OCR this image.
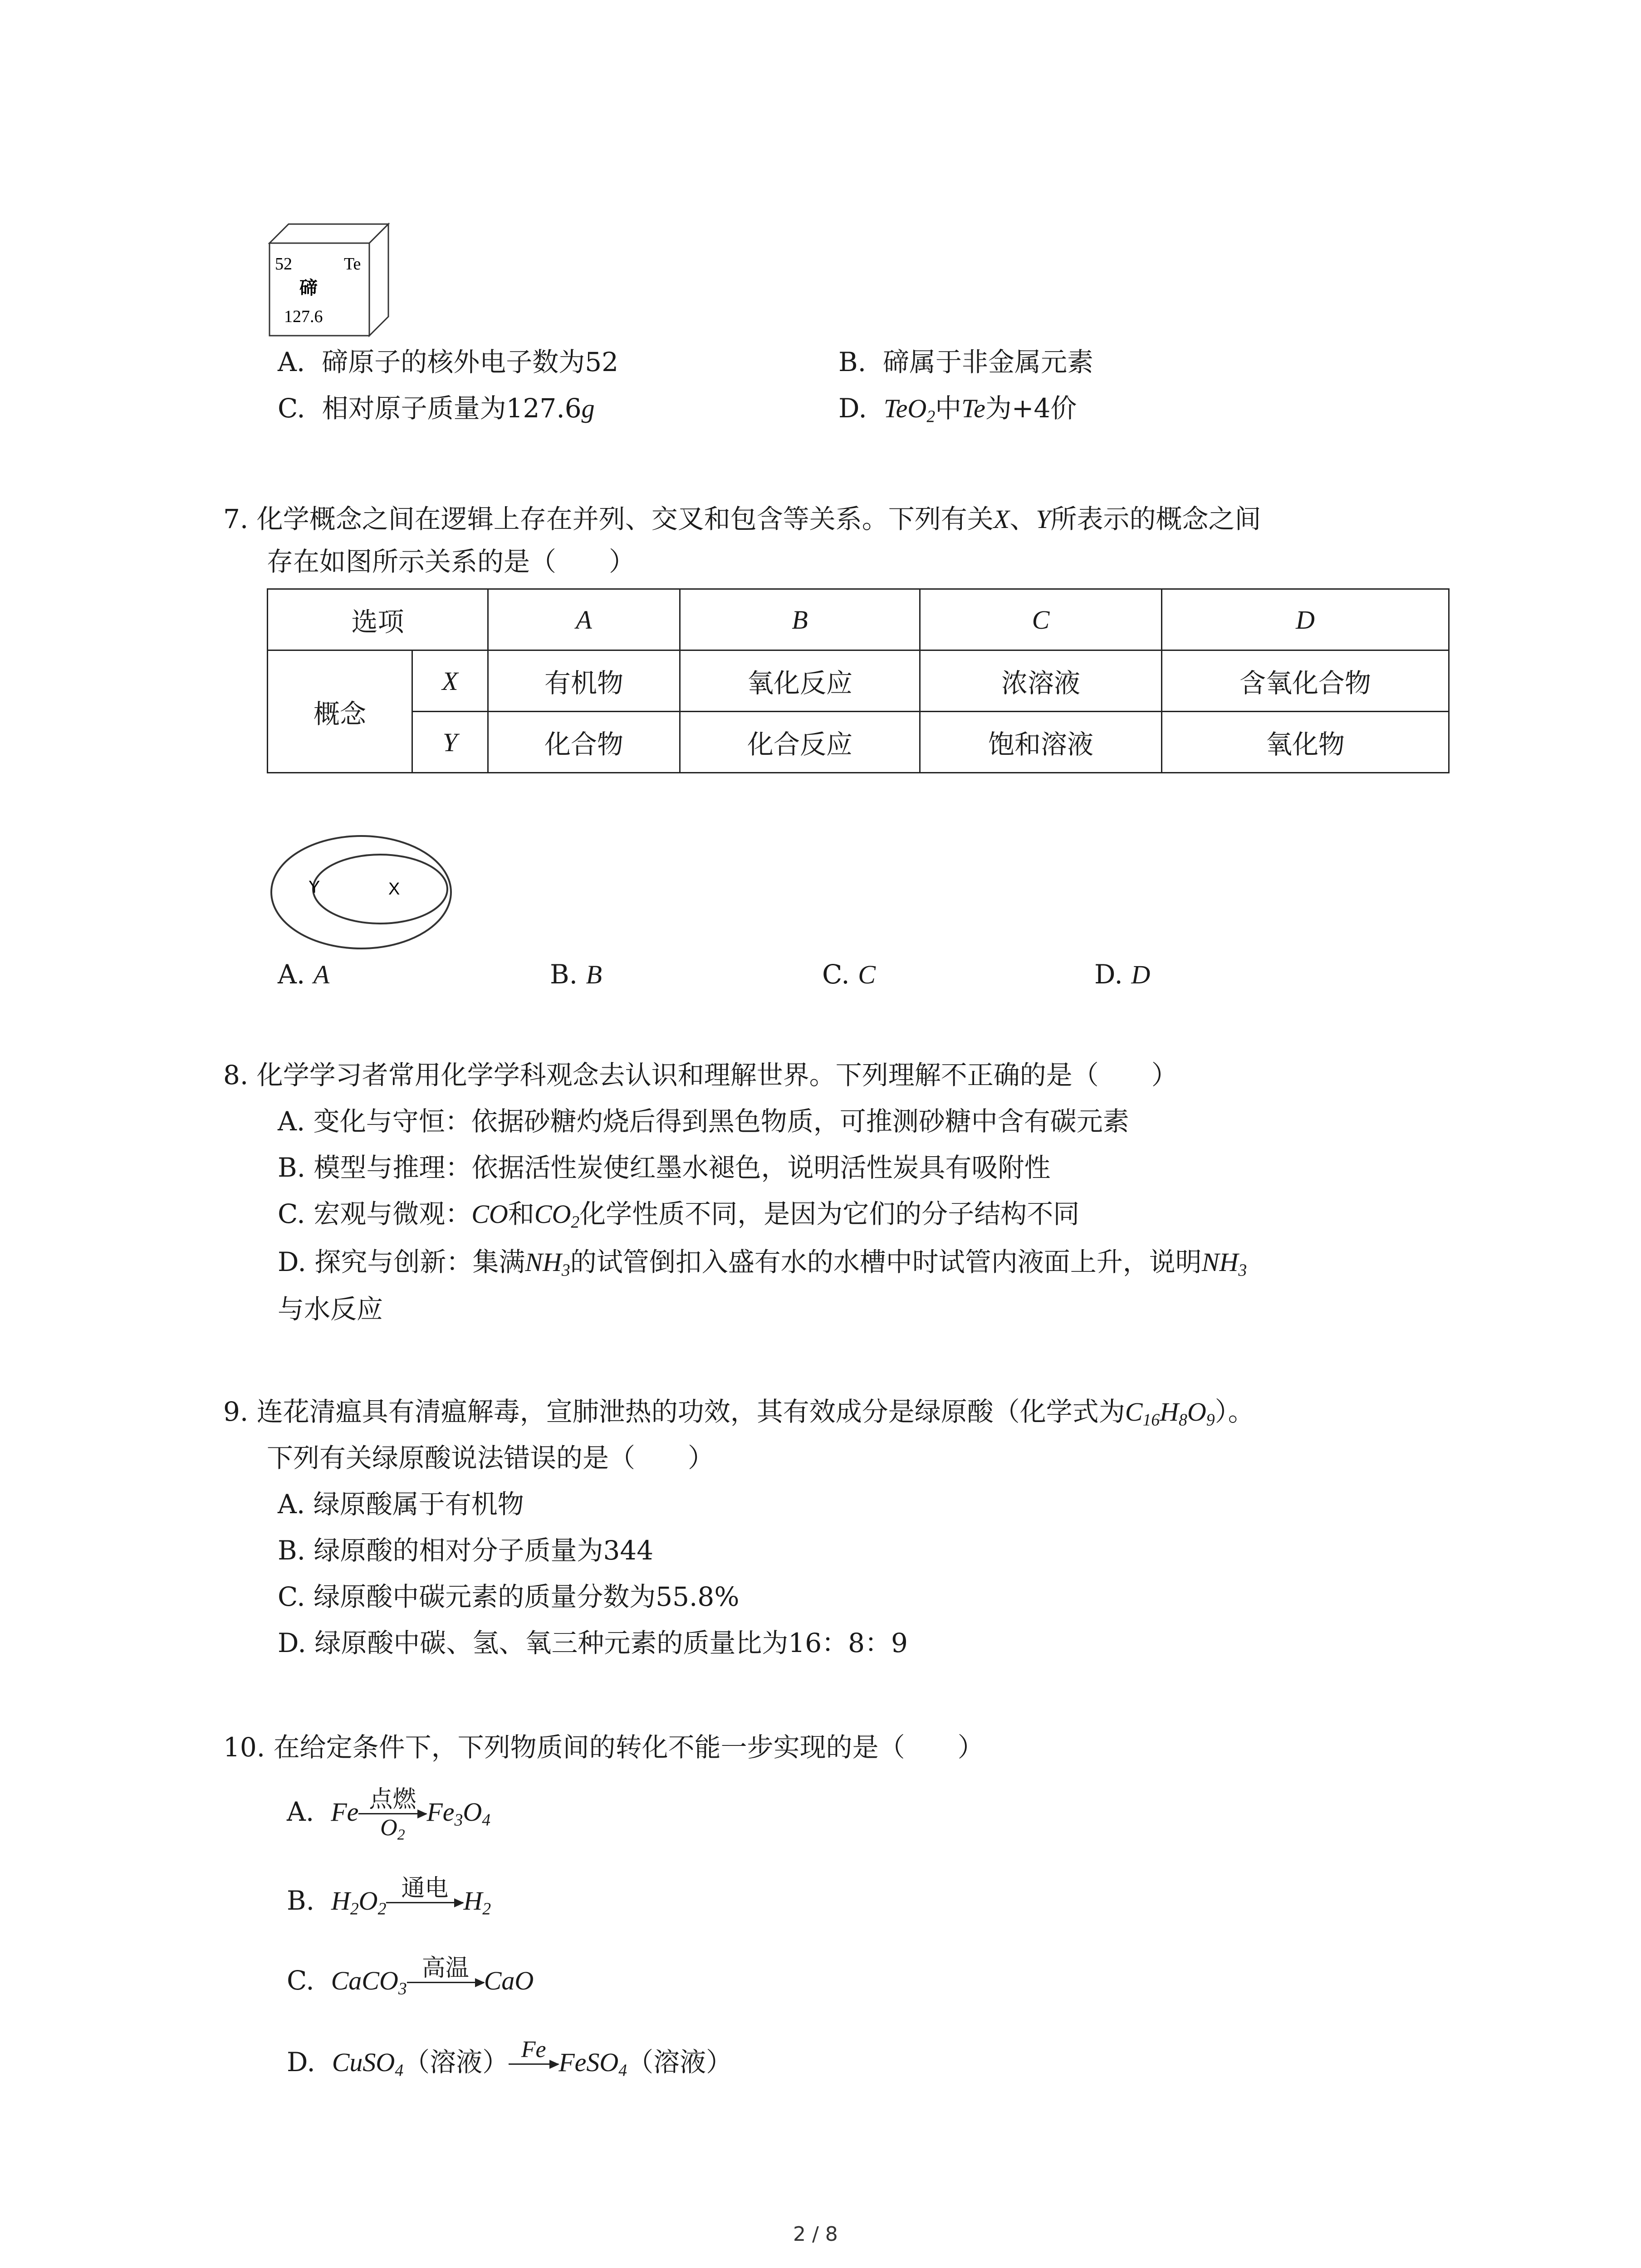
52	Te
碲
127.6
A. 碲原子的核外电子数为52	B. 碲属于非金属元素
C. 相对原子质量为127.6g	D. TeO$_2$中Te为+4价
7. 化学概念之间在逻辑上存在并列、交叉和包含等关系。下列有关X、Y所表示的概念之间
存在如图所示关系的是（　　）
选项		A	B	C	D
概念	X	有机物	氧化反应	浓溶液	含氧化合物
	Y	化合物	化合反应	饱和溶液	氧化物
Y	X
A. A	B. B	C. C	D. D
8. 化学学习者常用化学学科观念去认识和理解世界。下列理解不正确的是（　　）
A. 变化与守恒：依据砂糖灼烧后得到黑色物质，可推测砂糖中含有碳元素
B. 模型与推理：依据活性炭使红墨水褪色，说明活性炭具有吸附性
C. 宏观与微观：CO和$CO_2$化学性质不同，是因为它们的分子结构不同
D. 探究与创新：集满$NH_3$的试管倒扣入盛有水的水槽中时试管内液面上升，说明$NH_3$
与水反应
9. 连花清瘟具有清瘟解毒，宣肺泄热的功效，其有效成分是绿原酸（化学式为$C_{16}H_8O_9$）。
下列有关绿原酸说法错误的是（　　）
A. 绿原酸属于有机物
B. 绿原酸的相对分子质量为344
C. 绿原酸中碳元素的质量分数为55.8%
D. 绿原酸中碳、氢、氧三种元素的质量比为16：8：9
10. 在给定条件下，下列物质间的转化不能一步实现的是（　　）
A. Fe 点燃
$O_2$
$Fe_3O_4$
B. $H_2O_2$
通电
$H_2$
C. CaCO$_3$
高温
CaO
D. CuSO$_4$（溶液） Fe
FeSO$_4$（溶液）
2 / 8
